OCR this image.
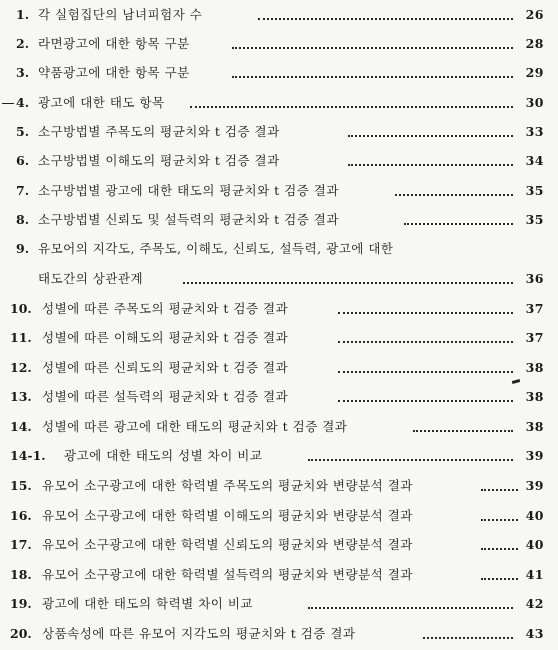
1. 각 실험집단의 남녀피험자 수	26
2. 라면광고에 대한 항목 구분	28
3. 약품광고에 대한 항목 구분	29
4. 광고에 대한 태도 항목	30
5. 소구방법별 주목도의 평균치와 t 검증 결과	33
6. 소구방법별 이해도의 평균치와 t 검증 결과	34
7. 소구방법별 광고에 대한 태도의 평균치와 t 검증 결과	35
8. 소구방법별 신뢰도 및 설득력의 평균치와 t 검증 결과	35
9. 유모어의 지각도, 주목도, 이해도, 신뢰도, 설득력, 광고에 대한
태도간의 상관관계	36
10. 성별에 따른 주목도의 평균치와 t 검증 결과	37
11. 성별에 따른 이해도의 평균치와 t 검증 결과	37
12. 성별에 따른 신뢰도의 평균치와 t 검증 결과	38
13. 성별에 따른 설득력의 평균치와 t 검증 결과	38
14. 성별에 따른 광고에 대한 태도의 평균치와 t 검증 결과	38
14-1. 광고에 대한 태도의 성별 차이 비교	39
15. 유모어 소구광고에 대한 학력별 주목도의 평균치와 변량분석 결과	39
16. 유모어 소구광고에 대한 학력별 이해도의 평균치와 변량분석 결과	40
17. 유모어 소구광고에 대한 학력별 신뢰도의 평균치와 변량분석 결과	40
18. 유모어 소구광고에 대한 학력별 설득력의 평균치와 변량분석 결과	41
19. 광고에 대한 태도의 학력별 차이 비교	42
20. 상품속성에 따른 유모어 지각도의 평균치와 t 검증 결과	43
